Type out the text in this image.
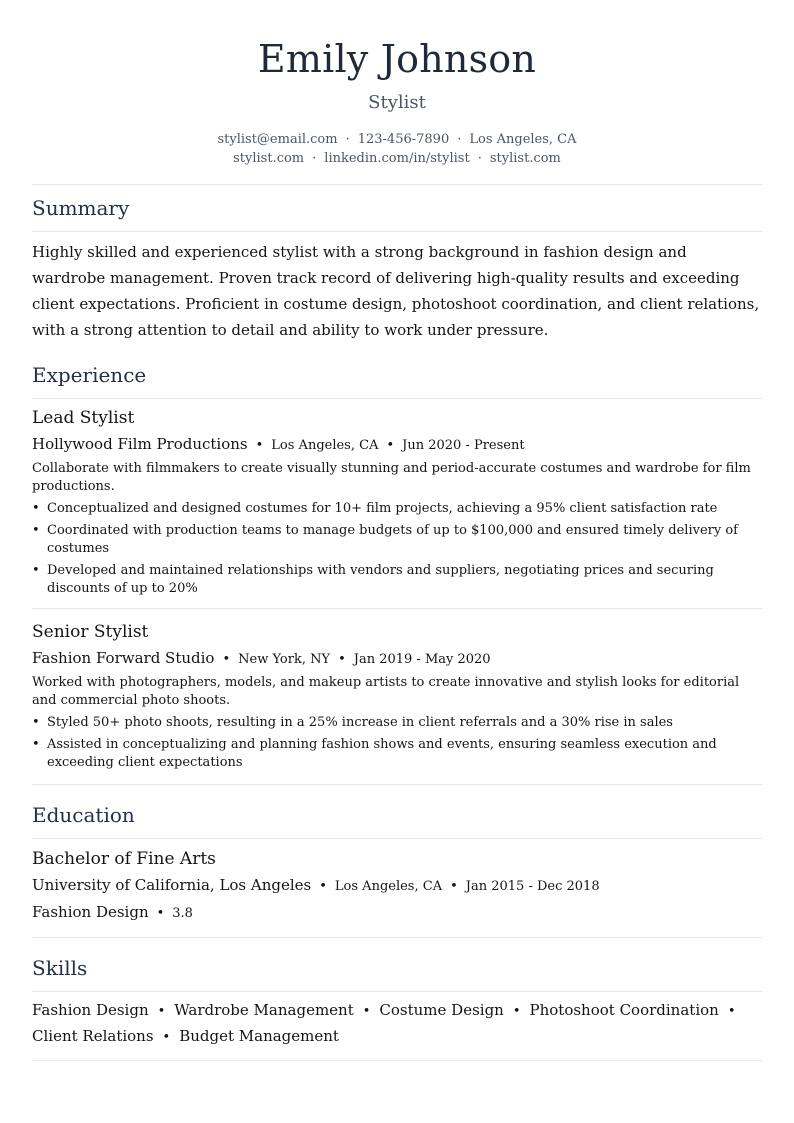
Emily Johnson
Stylist
stylist@email.com · 123-456-7890 · Los Angeles, CA
stylist.com · linkedin.com/in/stylist · stylist.com
Summary
Highly skilled and experienced stylist with a strong background in fashion design and wardrobe management. Proven track record of delivering high-quality results and exceeding client expectations. Proficient in costume design, photoshoot coordination, and client relations, with a strong attention to detail and ability to work under pressure.
Experience
Lead Stylist
Hollywood Film Productions • Los Angeles, CA • Jun 2020 - Present
Collaborate with filmmakers to create visually stunning and period-accurate costumes and wardrobe for film productions.
• Conceptualized and designed costumes for 10+ film projects, achieving a 95% client satisfaction rate
• Coordinated with production teams to manage budgets of up to $100,000 and ensured timely delivery of costumes
• Developed and maintained relationships with vendors and suppliers, negotiating prices and securing discounts of up to 20%
Senior Stylist
Fashion Forward Studio • New York, NY • Jan 2019 - May 2020
Worked with photographers, models, and makeup artists to create innovative and stylish looks for editorial and commercial photo shoots.
• Styled 50+ photo shoots, resulting in a 25% increase in client referrals and a 30% rise in sales
• Assisted in conceptualizing and planning fashion shows and events, ensuring seamless execution and exceeding client expectations
Education
Bachelor of Fine Arts
University of California, Los Angeles • Los Angeles, CA • Jan 2015 - Dec 2018
Fashion Design • 3.8
Skills
Fashion Design • Wardrobe Management • Costume Design • Photoshoot Coordination •
Client Relations • Budget Management
